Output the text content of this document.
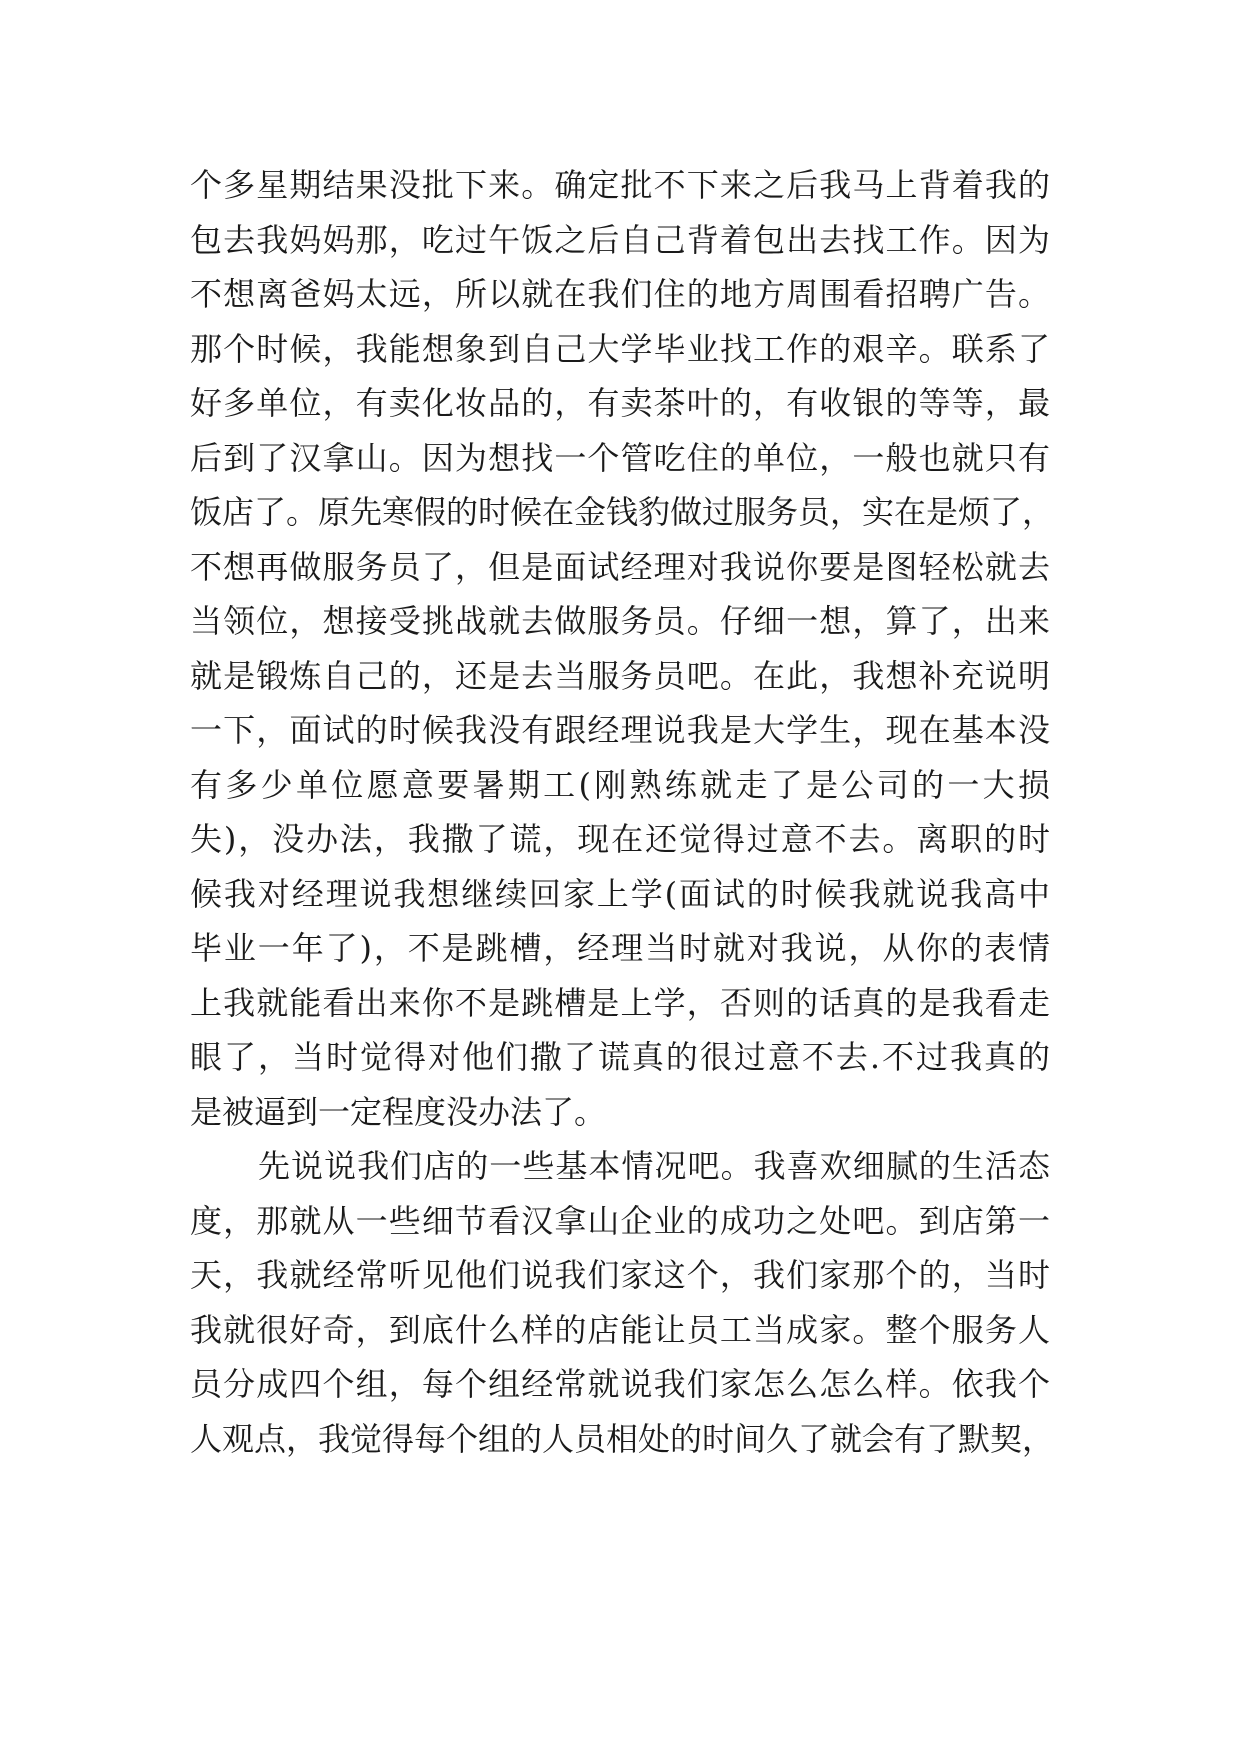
个多星期结果没批下来。确定批不下来之后我马上背着我的
包去我妈妈那，吃过午饭之后自己背着包出去找工作。因为
不想离爸妈太远，所以就在我们住的地方周围看招聘广告。
那个时候，我能想象到自己大学毕业找工作的艰辛。联系了
好多单位，有卖化妆品的，有卖茶叶的，有收银的等等，最
后到了汉拿山。因为想找一个管吃住的单位，一般也就只有
饭店了。原先寒假的时候在金钱豹做过服务员，实在是烦了，
不想再做服务员了，但是面试经理对我说你要是图轻松就去
当领位，想接受挑战就去做服务员。仔细一想，算了，出来
就是锻炼自己的，还是去当服务员吧。在此，我想补充说明
一下，面试的时候我没有跟经理说我是大学生，现在基本没
有多少单位愿意要暑期工(刚熟练就走了是公司的一大损
失)，没办法，我撒了谎，现在还觉得过意不去。离职的时
候我对经理说我想继续回家上学(面试的时候我就说我高中
毕业一年了)，不是跳槽，经理当时就对我说，从你的表情
上我就能看出来你不是跳槽是上学，否则的话真的是我看走
眼了，当时觉得对他们撒了谎真的很过意不去.不过我真的
是被逼到一定程度没办法了。
先说说我们店的一些基本情况吧。我喜欢细腻的生活态
度，那就从一些细节看汉拿山企业的成功之处吧。到店第一
天，我就经常听见他们说我们家这个，我们家那个的，当时
我就很好奇，到底什么样的店能让员工当成家。整个服务人
员分成四个组，每个组经常就说我们家怎么怎么样。依我个
人观点，我觉得每个组的人员相处的时间久了就会有了默契，
